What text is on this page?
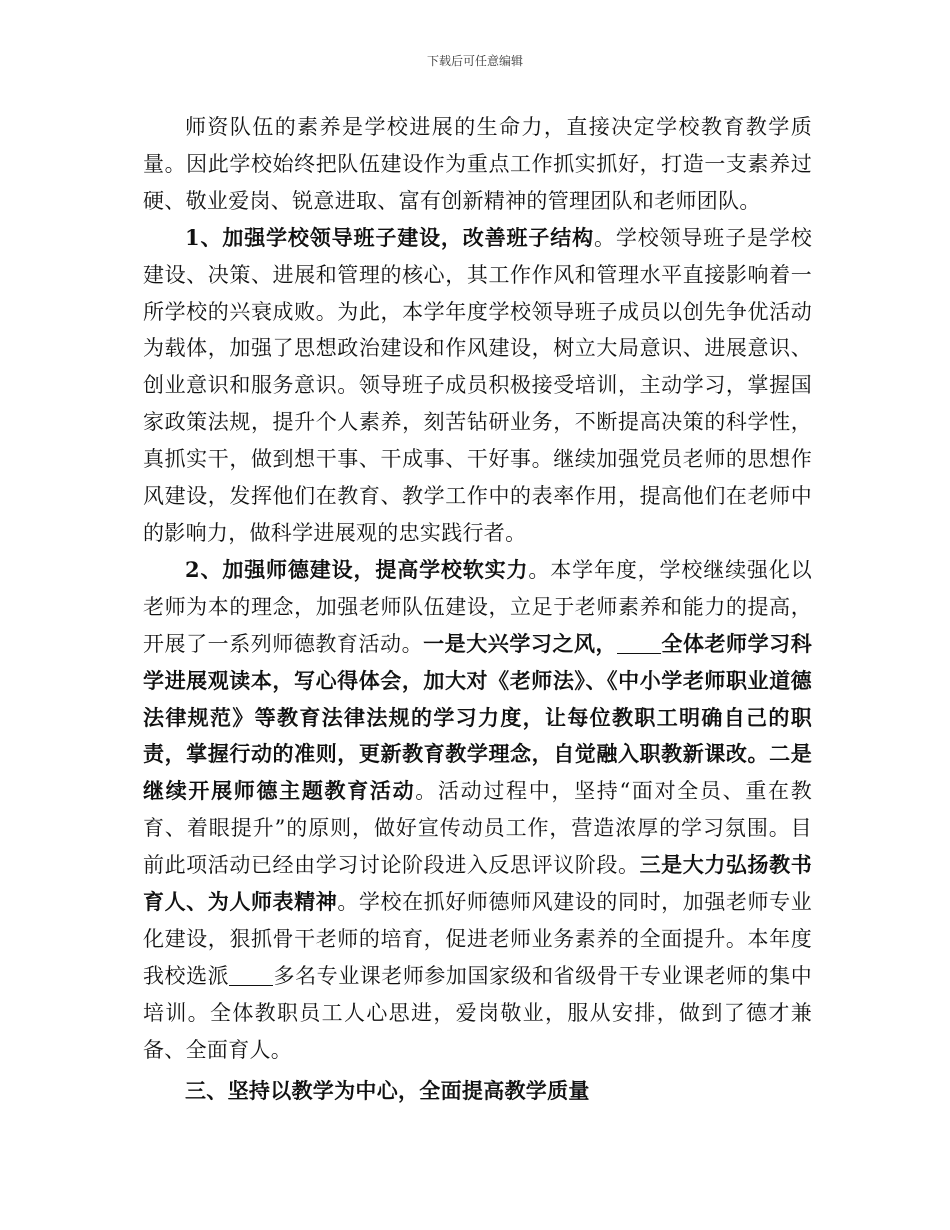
下载后可任意编辑

师资队伍的素养是学校进展的生命力，直接决定学校教育教学质量。因此学校始终把队伍建设作为重点工作抓实抓好，打造一支素养过硬、敬业爱岗、锐意进取、富有创新精神的管理团队和老师团队。

1、加强学校领导班子建设，改善班子结构。学校领导班子是学校建设、决策、进展和管理的核心，其工作作风和管理水平直接影响着一所学校的兴衰成败。为此，本学年度学校领导班子成员以创先争优活动为载体，加强了思想政治建设和作风建设，树立大局意识、进展意识、创业意识和服务意识。领导班子成员积极接受培训，主动学习，掌握国家政策法规，提升个人素养，刻苦钻研业务，不断提高决策的科学性，真抓实干，做到想干事、干成事、干好事。继续加强党员老师的思想作风建设，发挥他们在教育、教学工作中的表率作用，提高他们在老师中的影响力，做科学进展观的忠实践行者。

2、加强师德建设，提高学校软实力。本学年度，学校继续强化以老师为本的理念，加强老师队伍建设，立足于老师素养和能力的提高，开展了一系列师德教育活动。一是大兴学习之风， 全体老师学习科学进展观读本，写心得体会，加大对《老师法》、《中小学老师职业道德法律规范》等教育法律法规的学习力度，让每位教职工明确自己的职责，掌握行动的准则，更新教育教学理念，自觉融入职教新课改。二是继续开展师德主题教育活动。活动过程中，坚持“面对全员、重在教育、着眼提升”的原则，做好宣传动员工作，营造浓厚的学习氛围。目前此项活动已经由学习讨论阶段进入反思评议阶段。三是大力弘扬教书育人、为人师表精神。学校在抓好师德师风建设的同时，加强老师专业化建设，狠抓骨干老师的培育，促进老师业务素养的全面提升。本年度我校选派 多名专业课老师参加国家级和省级骨干专业课老师的集中培训。全体教职员工人心思进，爱岗敬业，服从安排，做到了德才兼备、全面育人。

三、坚持以教学为中心，全面提高教学质量
